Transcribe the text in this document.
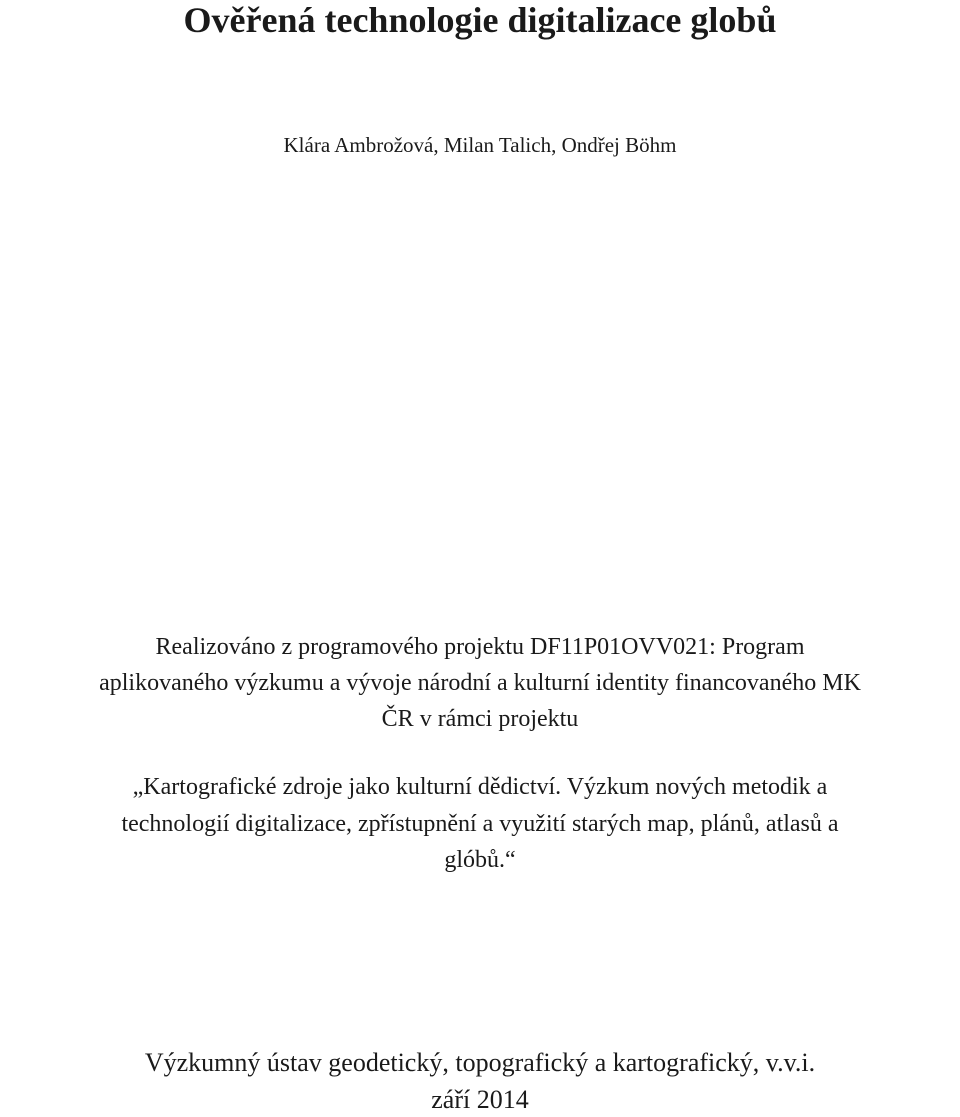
Ověřená technologie digitalizace globů

Klára Ambrožová, Milan Talich, Ondřej Böhm

Realizováno z programového projektu DF11P01OVV021: Program

aplikovaného výzkumu a vývoje národní a kulturní identity financovaného MK

ČR v rámci projektu

„Kartografické zdroje jako kulturní dědictví. Výzkum nových metodik a

technologií digitalizace, zpřístupnění a využití starých map, plánů, atlasů a

glóbů.“

Výzkumný ústav geodetický, topografický a kartografický, v.v.i.

září 2014
